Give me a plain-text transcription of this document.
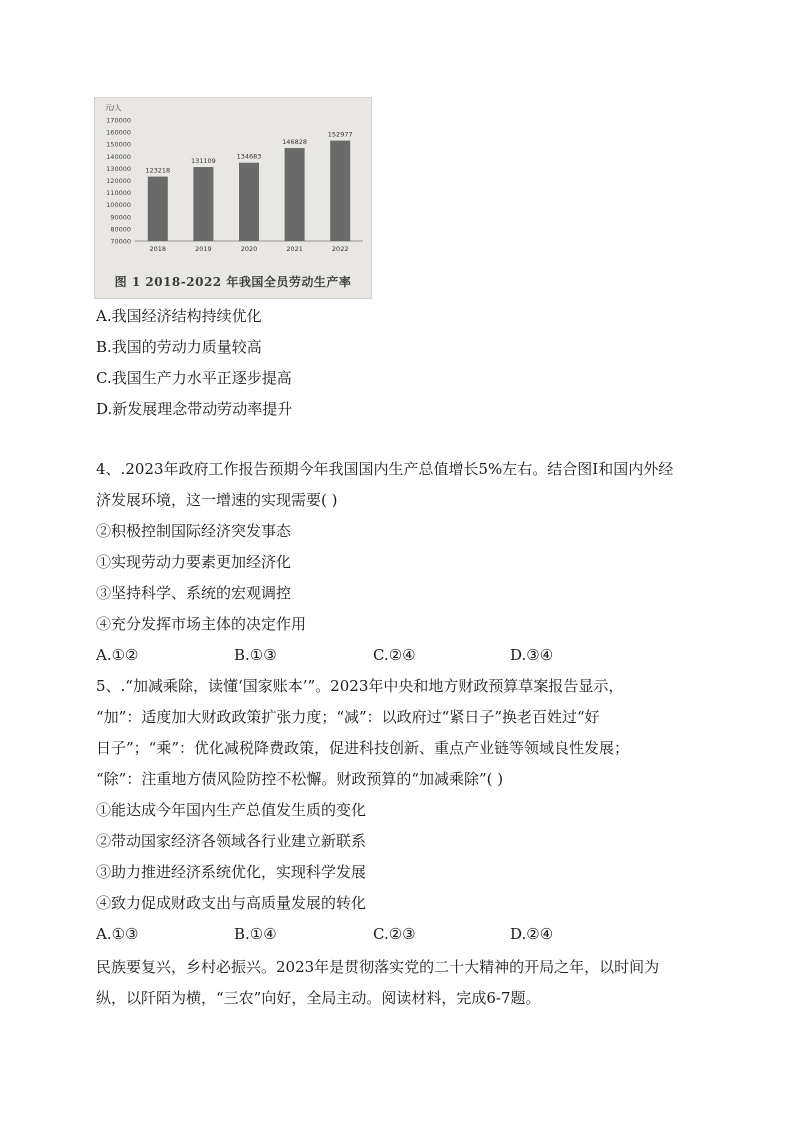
元/人
70000
80000
90000
100000
110000
120000
130000
140000
150000
160000
170000
123218
2018
131109
2019
134683
2020
146828
2021
152977
2022
图 1 2018-2022 年我国全员劳动生产率
A.我国经济结构持续优化
B.我国的劳动力质量较高
C.我国生产力水平正逐步提高
D.新发展理念带动劳动率提升
4、.2023年政府工作报告预期今年我国国内生产总值增长5%左右。结合图I和国内外经
济发展环境，这一增速的实现需要( )
②积极控制国际经济突发事态
①实现劳动力要素更加经济化
③坚持科学、系统的宏观调控
④充分发挥市场主体的决定作用
A.①②	B.①③	C.②④	D.③④
5、.“加减乘除，读懂‘国家账本’”。2023年中央和地方财政预算草案报告显示，
“加”：适度加大财政政策扩张力度；“减”：以政府过“紧日子”换老百姓过“好
日子”；“乘”：优化减税降费政策，促进科技创新、重点产业链等领域良性发展；
“除”：注重地方债风险防控不松懈。财政预算的“加减乘除”( )
①能达成今年国内生产总值发生质的变化
②带动国家经济各领域各行业建立新联系
③助力推进经济系统优化，实现科学发展
④致力促成财政支出与高质量发展的转化
A.①③	B.①④	C.②③	D.②④
民族要复兴，乡村必振兴。2023年是贯彻落实党的二十大精神的开局之年，以时间为
纵，以阡陌为横，“三农”向好，全局主动。阅读材料，完成6-7题。
